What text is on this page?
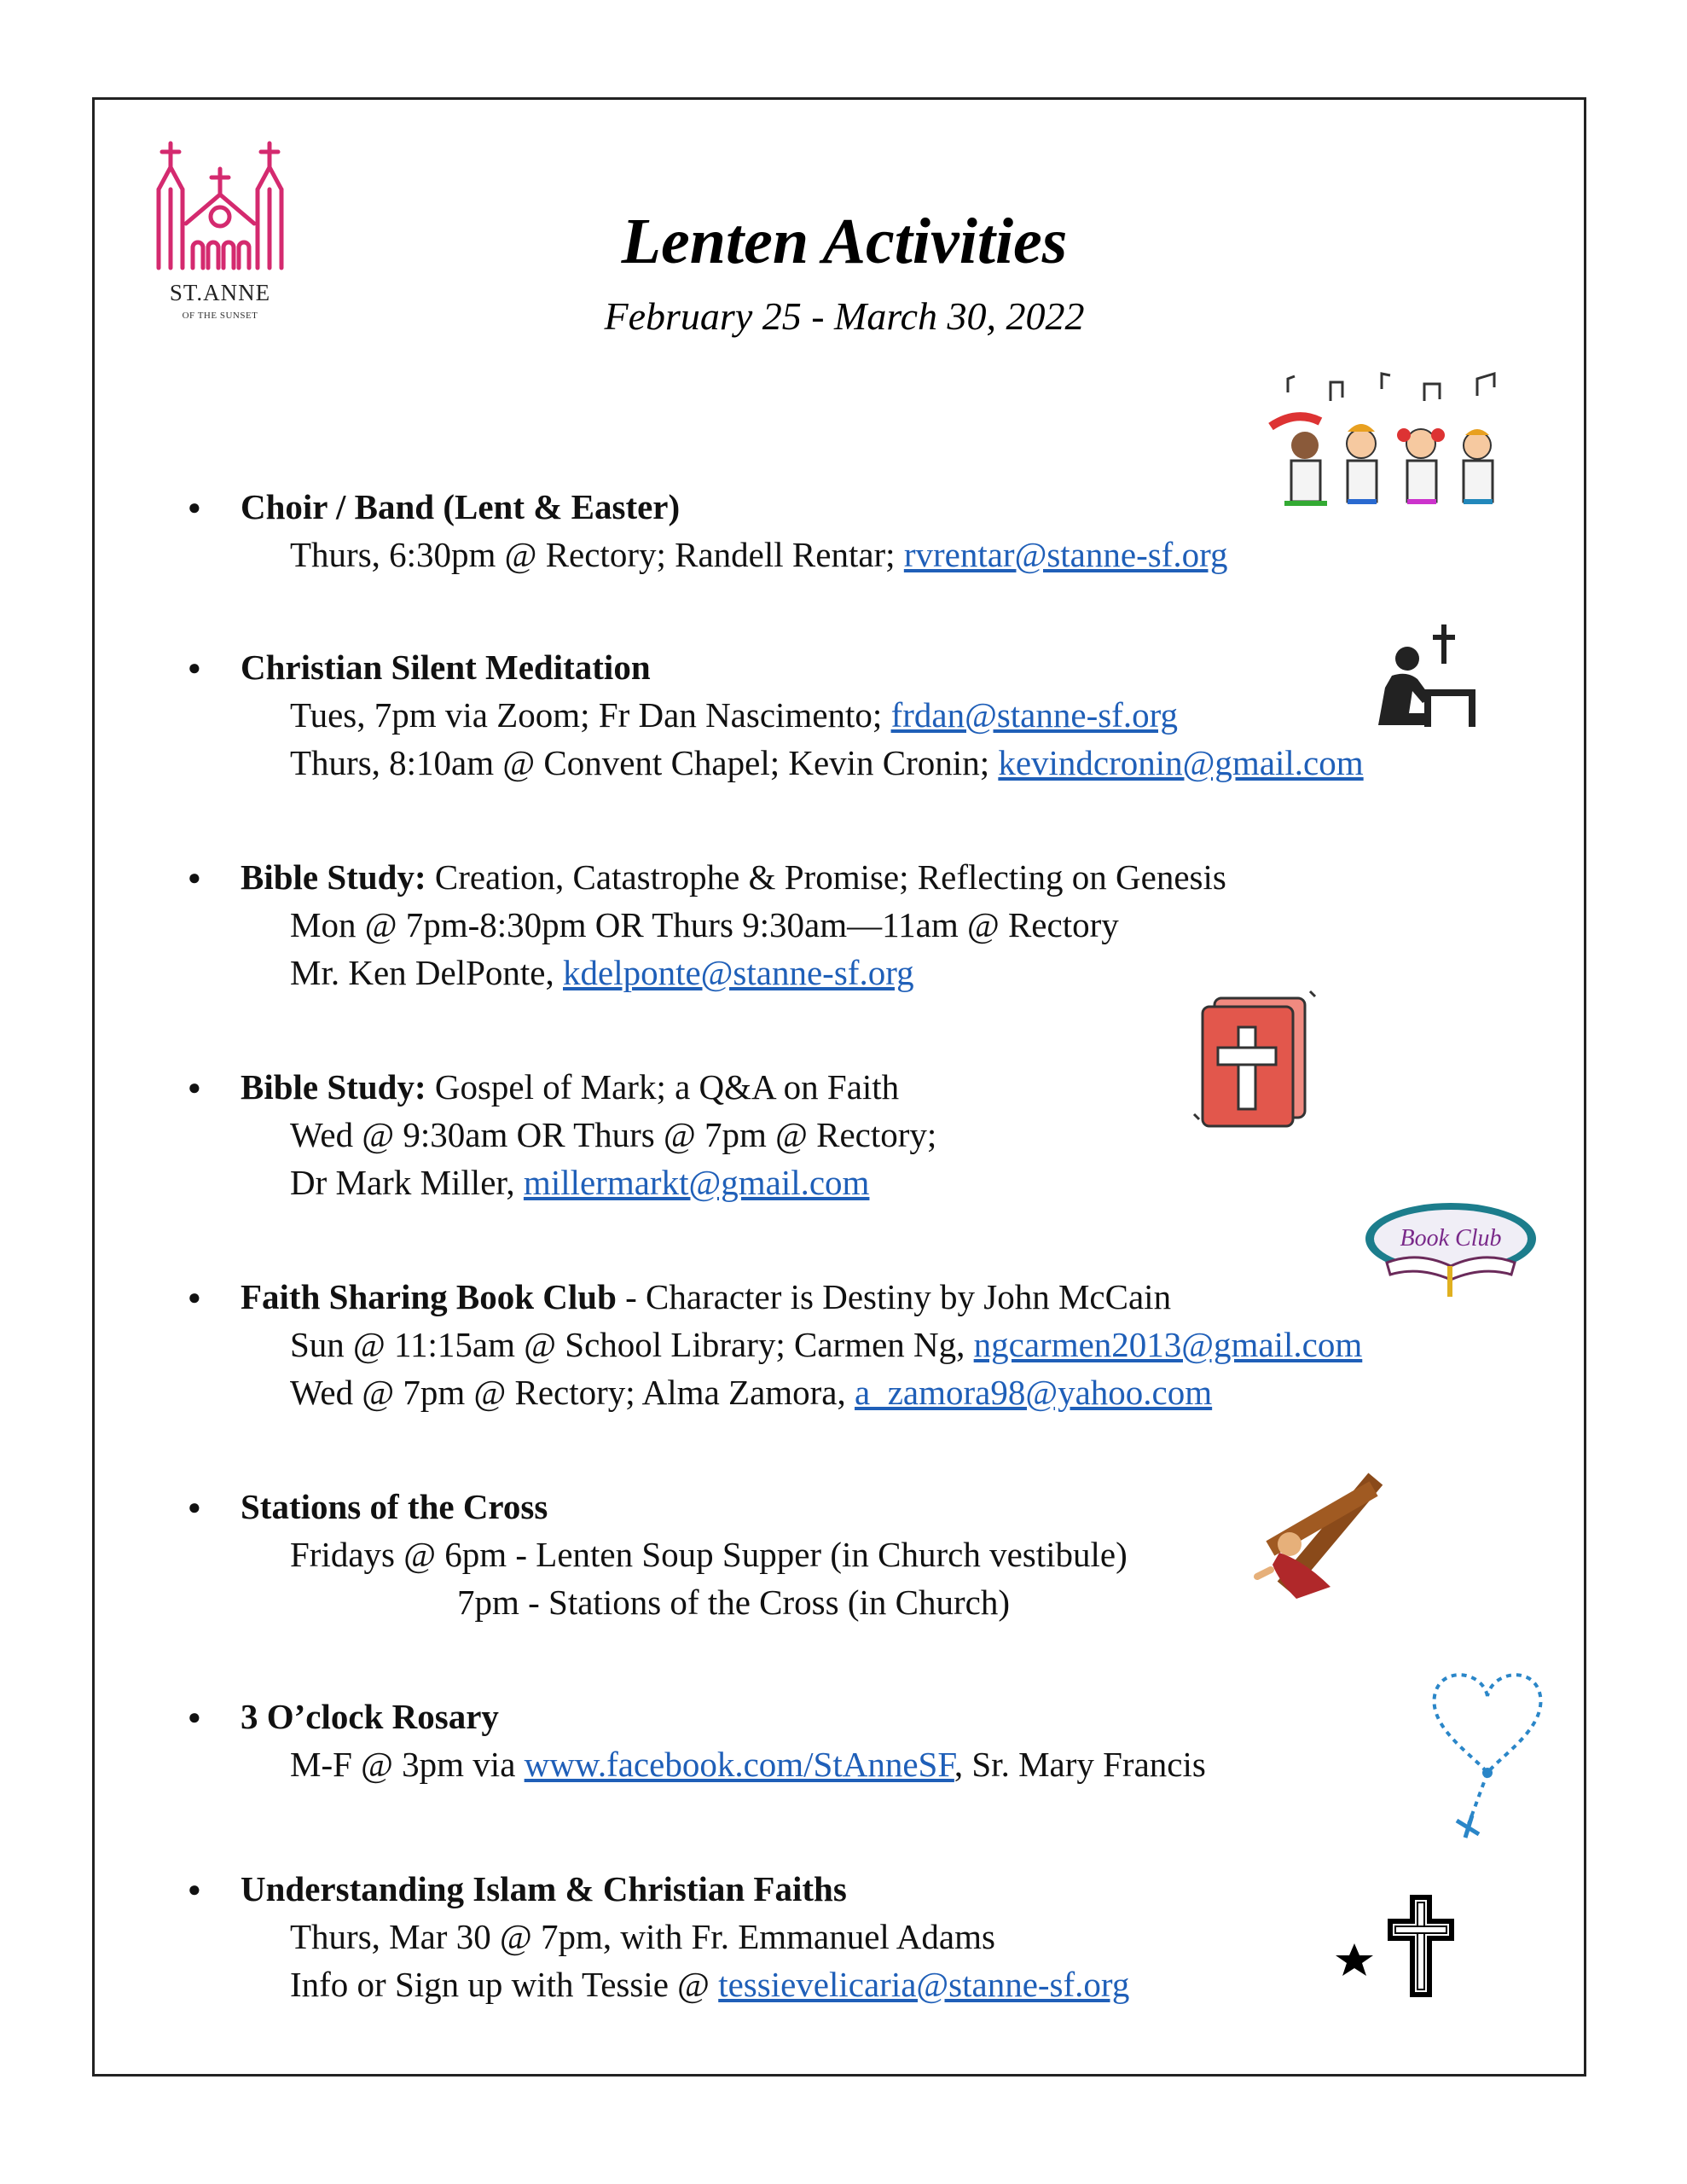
ST.ANNE
OF THE SUNSET
Lenten Activities
February 25 - March 30, 2022
● Choir / Band (Lent & Easter)
Thurs, 6:30pm @ Rectory; Randell Rentar; rvrentar@stanne-sf.org
● Christian Silent Meditation
Tues, 7pm via Zoom; Fr Dan Nascimento; frdan@stanne-sf.org
Thurs, 8:10am @ Convent Chapel; Kevin Cronin; kevindcronin@gmail.com
● Bible Study: Creation, Catastrophe & Promise; Reflecting on Genesis
Mon @ 7pm-8:30pm OR Thurs 9:30am—11am @ Rectory
Mr. Ken DelPonte, kdelponte@stanne-sf.org
● Bible Study: Gospel of Mark; a Q&A on Faith
Wed @ 9:30am OR Thurs @ 7pm @ Rectory;
Dr Mark Miller, millermarkt@gmail.com
● Faith Sharing Book Club - Character is Destiny by John McCain
Sun @ 11:15am @ School Library; Carmen Ng, ngcarmen2013@gmail.com
Wed @ 7pm @ Rectory; Alma Zamora, a_zamora98@yahoo.com
● Stations of the Cross
Fridays @ 6pm - Lenten Soup Supper (in Church vestibule)
7pm - Stations of the Cross (in Church)
● 3 O’clock Rosary
M-F @ 3pm via www.facebook.com/StAnneSF, Sr. Mary Francis
● Understanding Islam & Christian Faiths
Thurs, Mar 30 @ 7pm, with Fr. Emmanuel Adams
Info or Sign up with Tessie @ tessievelicaria@stanne-sf.org
Book Club
